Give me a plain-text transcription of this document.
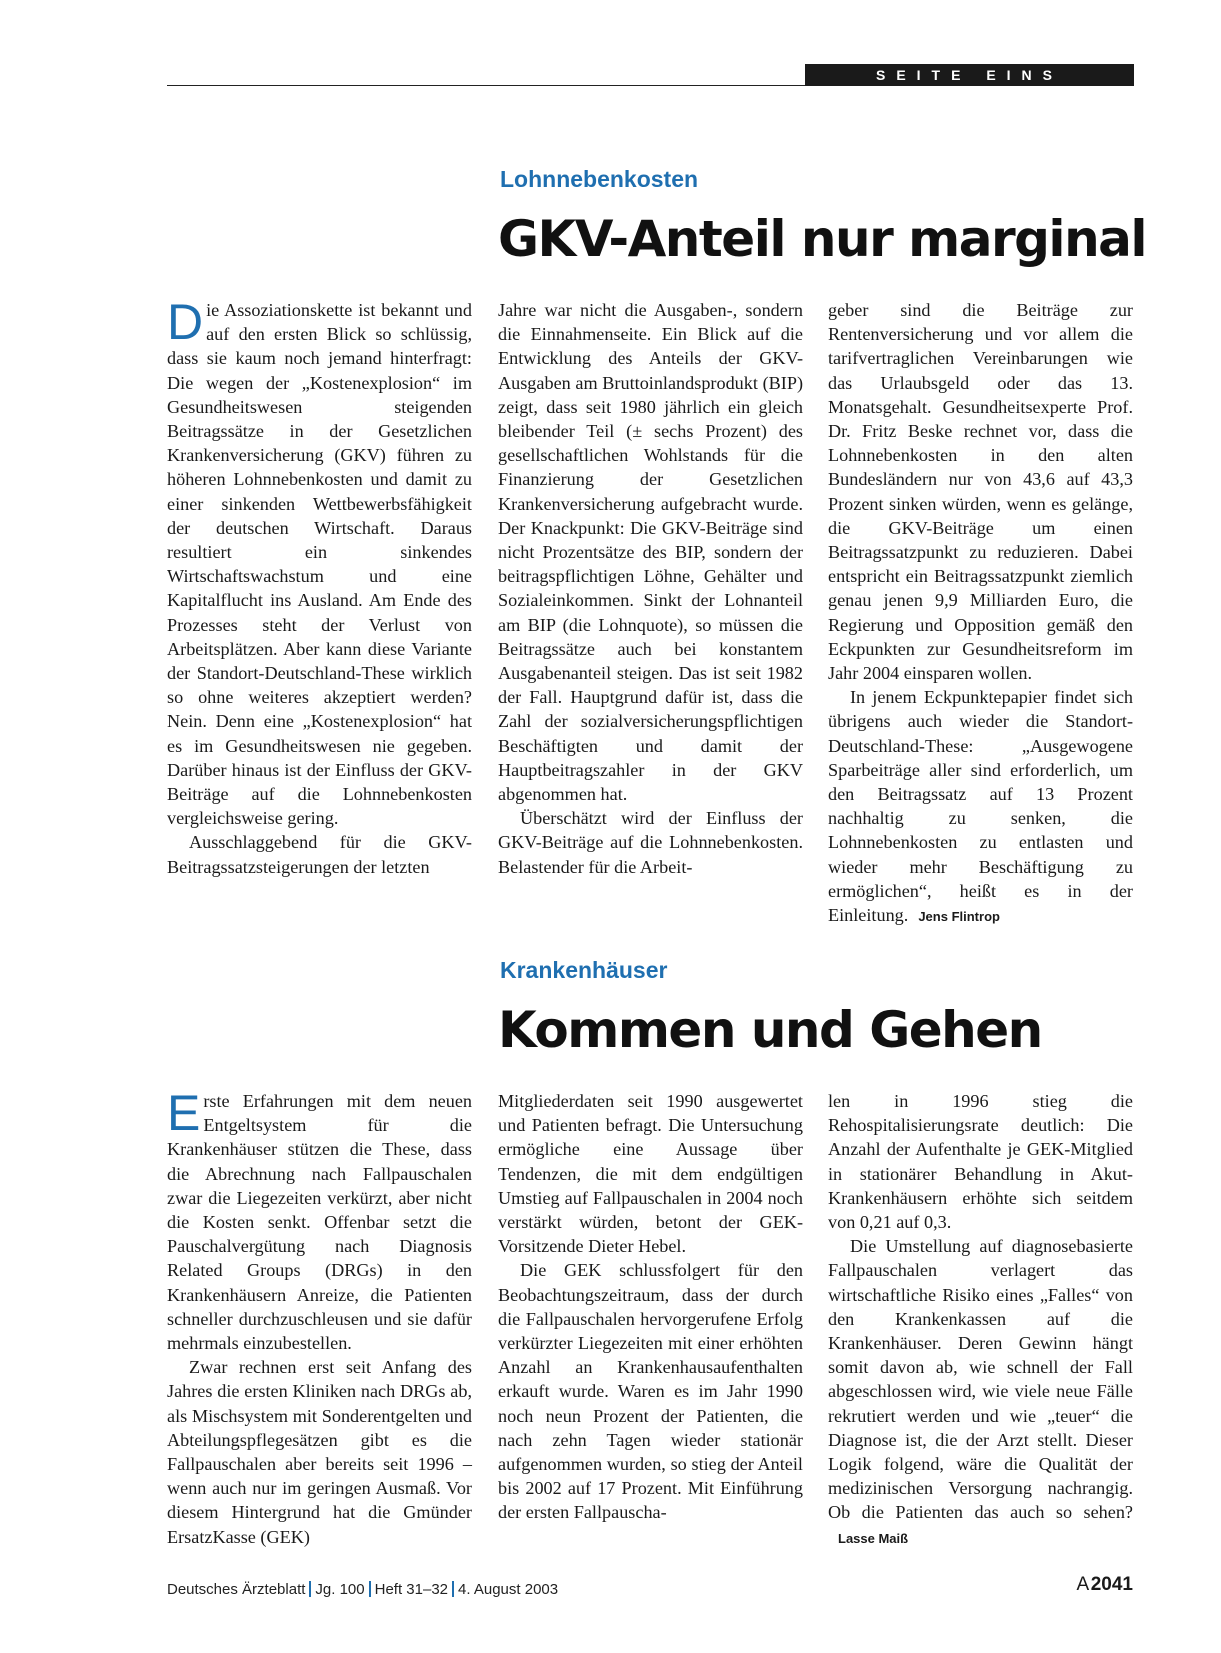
SEITE EINS
Lohnnebenkosten
GKV-Anteil nur marginal

Die Assoziationskette ist bekannt und auf den ersten Blick so schlüssig, dass sie kaum noch jemand hinterfragt: Die wegen der „Kostenexplosion“ im Gesundheitswesen steigenden Beitragssätze in der Gesetzlichen Krankenversicherung (GKV) führen zu höheren Lohnnebenkosten und damit zu einer sinkenden Wettbewerbsfähigkeit der deutschen Wirtschaft. Daraus resultiert ein sinkendes Wirtschaftswachstum und eine Kapitalflucht ins Ausland. Am Ende des Prozesses steht der Verlust von Arbeitsplätzen. Aber kann diese Variante der Standort-Deutschland-These wirklich so ohne weiteres akzeptiert werden? Nein. Denn eine „Kostenexplosion“ hat es im Gesundheitswesen nie gegeben. Darüber hinaus ist der Einfluss der GKV-Beiträge auf die Lohnnebenkosten vergleichsweise gering.

Ausschlaggebend für die GKV-Beitragssatzsteigerungen der letzten

Jahre war nicht die Ausgaben-, sondern die Einnahmenseite. Ein Blick auf die Entwicklung des Anteils der GKV-Ausgaben am Bruttoinlandsprodukt (BIP) zeigt, dass seit 1980 jährlich ein gleich bleibender Teil (± sechs Prozent) des gesellschaftlichen Wohlstands für die Finanzierung der Gesetzlichen Krankenversicherung aufgebracht wurde. Der Knackpunkt: Die GKV-Beiträge sind nicht Prozentsätze des BIP, sondern der beitragspflichtigen Löhne, Gehälter und Sozialeinkommen. Sinkt der Lohnanteil am BIP (die Lohnquote), so müssen die Beitragssätze auch bei konstantem Ausgabenanteil steigen. Das ist seit 1982 der Fall. Hauptgrund dafür ist, dass die Zahl der sozialversicherungspflichtigen Beschäftigten und damit der Hauptbeitragszahler in der GKV abgenommen hat.

Überschätzt wird der Einfluss der GKV-Beiträge auf die Lohnnebenkosten. Belastender für die Arbeit-

geber sind die Beiträge zur Rentenversicherung und vor allem die tarifvertraglichen Vereinbarungen wie das Urlaubsgeld oder das 13. Monatsgehalt. Gesundheitsexperte Prof. Dr. Fritz Beske rechnet vor, dass die Lohnnebenkosten in den alten Bundesländern nur von 43,6 auf 43,3 Prozent sinken würden, wenn es gelänge, die GKV-Beiträge um einen Beitragssatzpunkt zu reduzieren. Dabei entspricht ein Beitragssatzpunkt ziemlich genau jenen 9,9 Milliarden Euro, die Regierung und Opposition gemäß den Eckpunkten zur Gesundheitsreform im Jahr 2004 einsparen wollen.

In jenem Eckpunktepapier findet sich übrigens auch wieder die Standort-Deutschland-These: „Ausgewogene Sparbeiträge aller sind erforderlich, um den Beitragssatz auf 13 Prozent nachhaltig zu senken, die Lohnnebenkosten zu entlasten und wieder mehr Beschäftigung zu ermöglichen“, heißt es in der Einleitung. Jens Flintrop

Krankenhäuser
Kommen und Gehen

Erste Erfahrungen mit dem neuen Entgeltsystem für die Krankenhäuser stützen die These, dass die Abrechnung nach Fallpauschalen zwar die Liegezeiten verkürzt, aber nicht die Kosten senkt. Offenbar setzt die Pauschalvergütung nach Diagnosis Related Groups (DRGs) in den Krankenhäusern Anreize, die Patienten schneller durchzuschleusen und sie dafür mehrmals einzubestellen.

Zwar rechnen erst seit Anfang des Jahres die ersten Kliniken nach DRGs ab, als Mischsystem mit Sonderentgelten und Abteilungspflegesätzen gibt es die Fallpauschalen aber bereits seit 1996 – wenn auch nur im geringen Ausmaß. Vor diesem Hintergrund hat die Gmünder ErsatzKasse (GEK)

Mitgliederdaten seit 1990 ausgewertet und Patienten befragt. Die Untersuchung ermögliche eine Aussage über Tendenzen, die mit dem endgültigen Umstieg auf Fallpauschalen in 2004 noch verstärkt würden, betont der GEK-Vorsitzende Dieter Hebel.

Die GEK schlussfolgert für den Beobachtungszeitraum, dass der durch die Fallpauschalen hervorgerufene Erfolg verkürzter Liegezeiten mit einer erhöhten Anzahl an Krankenhausaufenthalten erkauft wurde. Waren es im Jahr 1990 noch neun Prozent der Patienten, die nach zehn Tagen wieder stationär aufgenommen wurden, so stieg der Anteil bis 2002 auf 17 Prozent. Mit Einführung der ersten Fallpauscha-

len in 1996 stieg die Rehospitalisierungsrate deutlich: Die Anzahl der Aufenthalte je GEK-Mitglied in stationärer Behandlung in Akut-Krankenhäusern erhöhte sich seitdem von 0,21 auf 0,3.

Die Umstellung auf diagnosebasierte Fallpauschalen verlagert das wirtschaftliche Risiko eines „Falles“ von den Krankenkassen auf die Krankenhäuser. Deren Gewinn hängt somit davon ab, wie schnell der Fall abgeschlossen wird, wie viele neue Fälle rekrutiert werden und wie „teuer“ die Diagnose ist, die der Arzt stellt. Dieser Logik folgend, wäre die Qualität der medizinischen Versorgung nachrangig. Ob die Patienten das auch so sehen?Lasse Maiß

Deutsches Ärzteblatt Jg. 100 Heft 31–32 4. August 2003	A 2041
